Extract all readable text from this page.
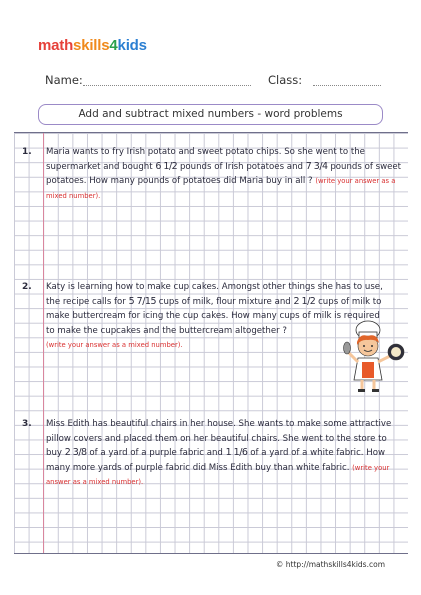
mathskills4kids
Name:	Class:
Add and subtract mixed numbers - word problems
1. Maria wants to fry Irish potato and sweet potato chips. So she went to the supermarket and bought 6 1/2 pounds of Irish potatoes and 7 3/4 pounds of sweet potatoes. How many pounds of potatoes did Maria buy in all ? (write your answer as a mixed number).
2. Katy is learning how to make cup cakes. Amongst other things she has to use, the recipe calls for 5 7/15 cups of milk, flour mixture and 2 1/2 cups of milk to make buttercream for icing the cup cakes. How many cups of milk is required to make the cupcakes and the buttercream altogether ?
(write your answer as a mixed number).
3. Miss Edith has beautiful chairs in her house. She wants to make some attractive pillow covers and placed them on her beautiful chairs. She went to the store to buy 2 3/8 of a yard of a purple fabric and 1 1/6 of a yard of a white fabric. How many more yards of purple fabric did Miss Edith buy than white fabric. (write your answer as a mixed number).
© http://mathskills4kids.com
